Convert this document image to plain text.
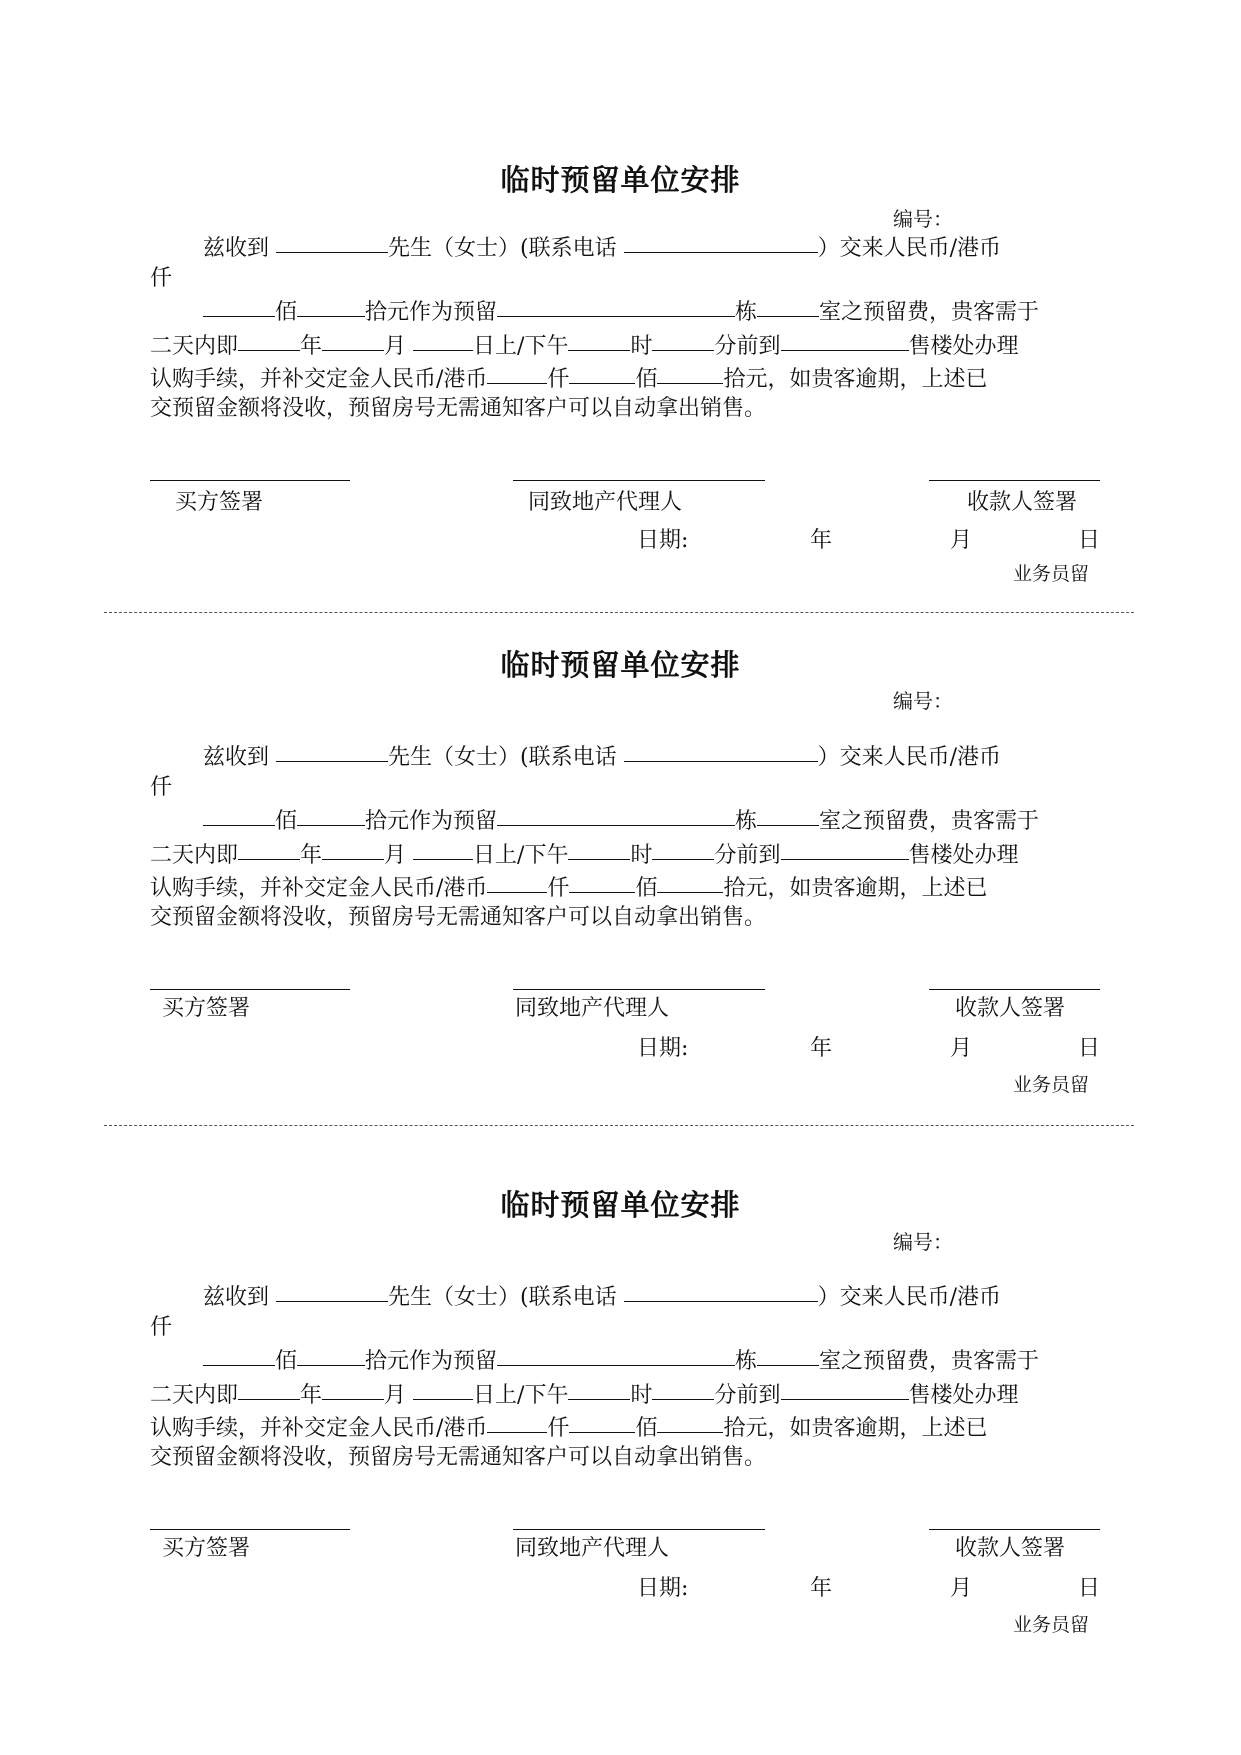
临时预留单位安排
编号：
兹收到	先生（女士）(联系电话	）交来人民币/港币
仟
佰	拾元作为预留	栋	室之预留费，贵客需于
二天内即	年	月	日上/下午	时	分前到	售楼处办理
认购手续，并补交定金人民币/港币	仟	佰	拾元，如贵客逾期，上述已
交预留金额将没收，预留房号无需通知客户可以自动拿出销售。
买方签署	同致地产代理人	收款人签署
日期:	年	月	日
业务员留
临时预留单位安排
编号：
兹收到	先生（女士）(联系电话	）交来人民币/港币
仟
佰	拾元作为预留	栋	室之预留费，贵客需于
二天内即	年	月	日上/下午	时	分前到	售楼处办理
认购手续，并补交定金人民币/港币	仟	佰	拾元，如贵客逾期，上述已
交预留金额将没收，预留房号无需通知客户可以自动拿出销售。
买方签署	同致地产代理人	收款人签署
日期:	年	月	日
业务员留
临时预留单位安排
编号：
兹收到	先生（女士）(联系电话	）交来人民币/港币
仟
佰	拾元作为预留	栋	室之预留费，贵客需于
二天内即	年	月	日上/下午	时	分前到	售楼处办理
认购手续，并补交定金人民币/港币	仟	佰	拾元，如贵客逾期，上述已
交预留金额将没收，预留房号无需通知客户可以自动拿出销售。
买方签署	同致地产代理人	收款人签署
日期:	年	月	日
业务员留
